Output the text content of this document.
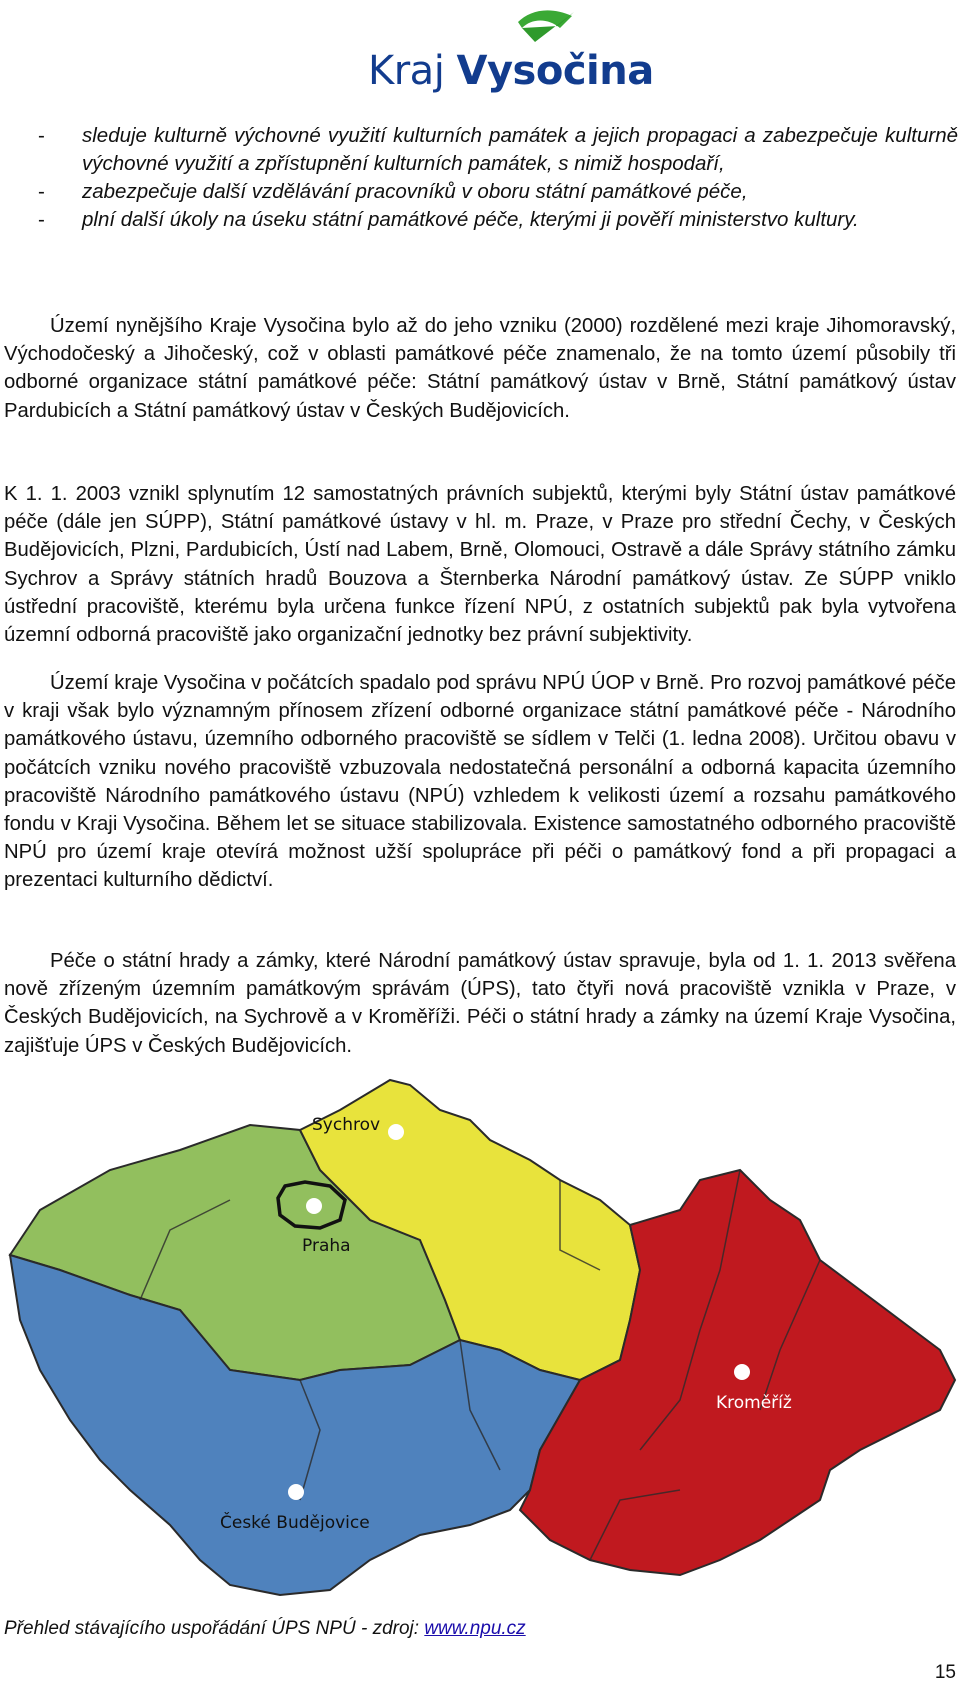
Kraj Vysočina
-	sleduje kulturně výchovné využití kulturních památek a jejich propagaci a zabezpečuje kulturně výchovné využití a zpřístupnění kulturních památek, s nimiž hospodaří,
-	zabezpečuje další vzdělávání pracovníků v oboru státní památkové péče,
-	plní další úkoly na úseku státní památkové péče, kterými ji pověří ministerstvo kultury.

Území nynějšího Kraje Vysočina bylo až do jeho vzniku (2000) rozdělené mezi kraje Jihomoravský, Východočeský a Jihočeský, což v oblasti památkové péče znamenalo, že na tomto území působily tři odborné organizace státní památkové péče: Státní památkový ústav v Brně, Státní památkový ústav Pardubicích a Státní památkový ústav v Českých Budějovicích.

K 1. 1. 2003 vznikl splynutím 12 samostatných právních subjektů, kterými byly Státní ústav památkové péče (dále jen SÚPP), Státní památkové ústavy v hl. m. Praze, v Praze pro střední Čechy, v Českých Budějovicích, Plzni, Pardubicích, Ústí nad Labem, Brně, Olomouci, Ostravě a dále Správy státního zámku Sychrov a Správy státních hradů Bouzova a Šternberka Národní památkový ústav. Ze SÚPP vniklo ústřední pracoviště, kterému byla určena funkce řízení NPÚ, z ostatních subjektů pak byla vytvořena územní odborná pracoviště jako organizační jednotky bez právní subjektivity.

Území kraje Vysočina v počátcích spadalo pod správu NPÚ ÚOP v Brně. Pro rozvoj památkové péče v kraji však bylo významným přínosem zřízení odborné organizace státní památkové péče - Národního památkového ústavu, územního odborného pracoviště se sídlem v Telči (1. ledna 2008). Určitou obavu v počátcích vzniku nového pracoviště vzbuzovala nedostatečná personální a odborná kapacita územního pracoviště Národního památkového ústavu (NPÚ) vzhledem k velikosti území a rozsahu památkového fondu v Kraji Vysočina. Během let se situace stabilizovala. Existence samostatného odborného pracoviště NPÚ pro území kraje otevírá možnost užší spolupráce při péči o památkový fond a při propagaci a prezentaci kulturního dědictví.

Péče o státní hrady a zámky, které Národní památkový ústav spravuje, byla od 1. 1. 2013 svěřena nově zřízeným územním památkovým správám (ÚPS), tato čtyři nová pracoviště vznikla v Praze, v Českých Budějovicích, na Sychrově a v Kroměříži. Péči o státní hrady a zámky na území Kraje Vysočina, zajišťuje ÚPS v Českých Budějovicích.

Sychrov
Praha
České Budějovice
Kroměříž
Přehled stávajícího uspořádání ÚPS NPÚ - zdroj: www.npu.cz
15
